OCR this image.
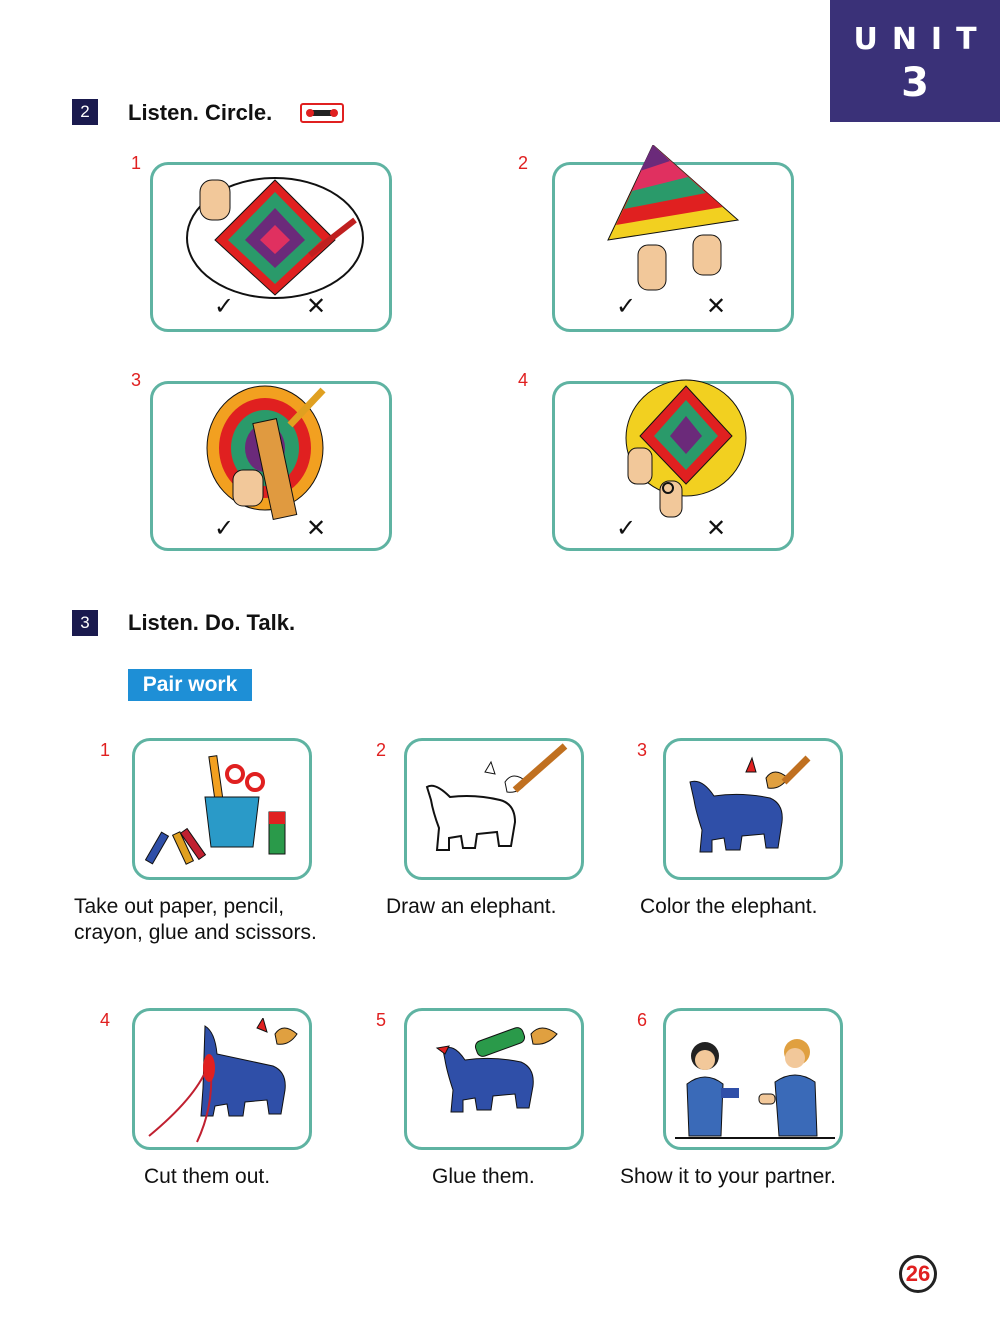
UNIT
3
2	Listen. Circle.
1
✓	✕
2
✓	✕
3
✓	✕
4
✓	✕
3	Listen. Do. Talk.
Pair work
1
Take out paper, pencil,
crayon, glue and scissors.
2
Draw an elephant.
3
Color the elephant.
4
Cut them out.
5
Glue them.
6
Show it to your partner.
26
